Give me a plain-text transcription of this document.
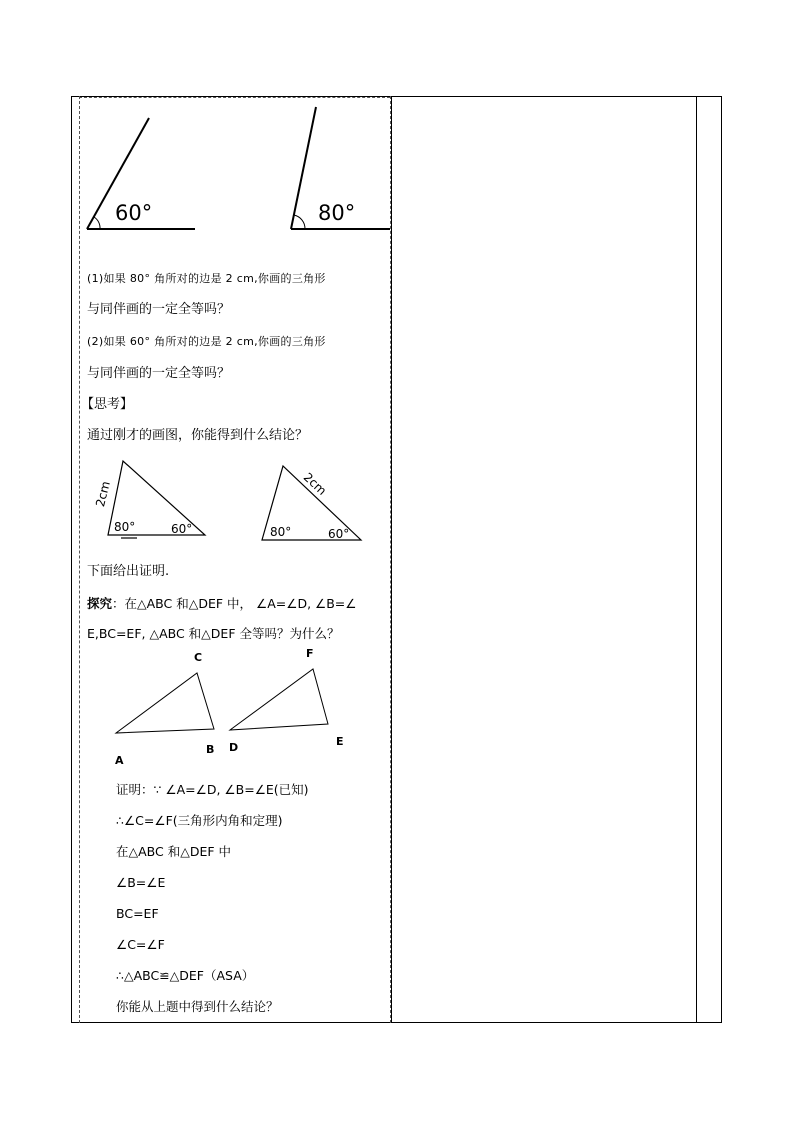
60°	80°
(1)如果 80° 角所对的边是 2 cm,你画的三角形
与同伴画的一定全等吗？
(2)如果 60° 角所对的边是 2 cm,你画的三角形
与同伴画的一定全等吗？
【思考】
通过刚才的画图，你能得到什么结论？
2cm
80°	60°
2cm
80°	60°
下面给出证明.
探究：在△ABC 和△DEF 中， ∠A=∠D, ∠B=∠
E,BC=EF, △ABC 和△DEF 全等吗？为什么？
C	F
A
B D	E
证明：∵ ∠A=∠D, ∠B=∠E(已知)
∴∠C=∠F(三角形内角和定理)
在△ABC 和△DEF 中
∠B=∠E
BC=EF
∠C=∠F
∴△ABC≌△DEF（ASA）
你能从上题中得到什么结论？
